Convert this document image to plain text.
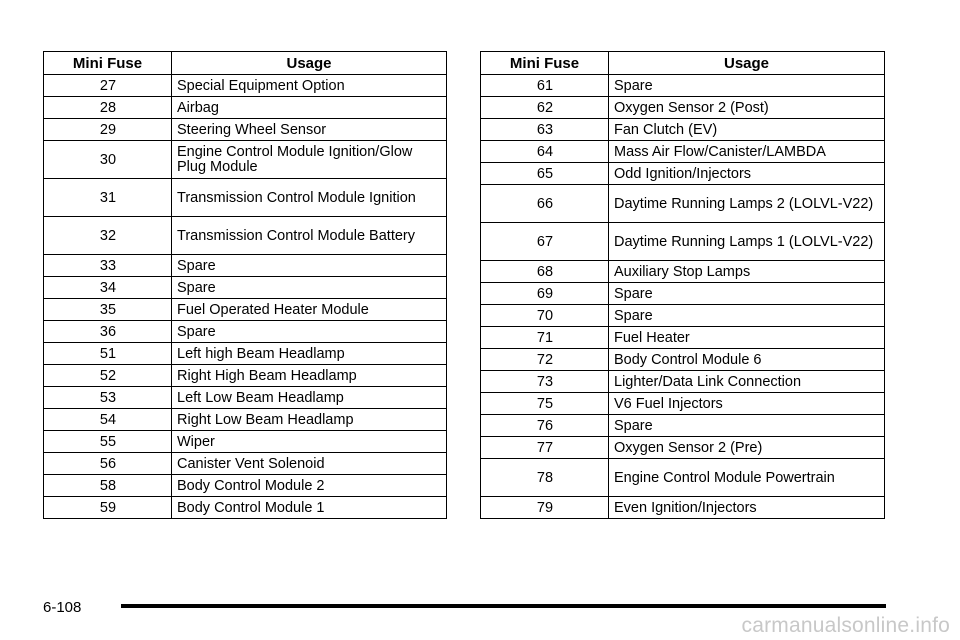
Mini Fuse	Usage
27	Special Equipment Option
28	Airbag
29	Steering Wheel Sensor
30	Engine Control Module Ignition/Glow Plug Module
31	Transmission Control Module Ignition
32	Transmission Control Module Battery
33	Spare
34	Spare
35	Fuel Operated Heater Module
36	Spare
51	Left high Beam Headlamp
52	Right High Beam Headlamp
53	Left Low Beam Headlamp
54	Right Low Beam Headlamp
55	Wiper
56	Canister Vent Solenoid
58	Body Control Module 2
59	Body Control Module 1
Mini Fuse	Usage
61	Spare
62	Oxygen Sensor 2 (Post)
63	Fan Clutch (EV)
64	Mass Air Flow/Canister/LAMBDA
65	Odd Ignition/Injectors
66	Daytime Running Lamps 2 (LOLVL-V22)
67	Daytime Running Lamps 1 (LOLVL-V22)
68	Auxiliary Stop Lamps
69	Spare
70	Spare
71	Fuel Heater
72	Body Control Module 6
73	Lighter/Data Link Connection
75	V6 Fuel Injectors
76	Spare
77	Oxygen Sensor 2 (Pre)
78	Engine Control Module Powertrain
79	Even Ignition/Injectors
6-108
carmanualsonline.info
